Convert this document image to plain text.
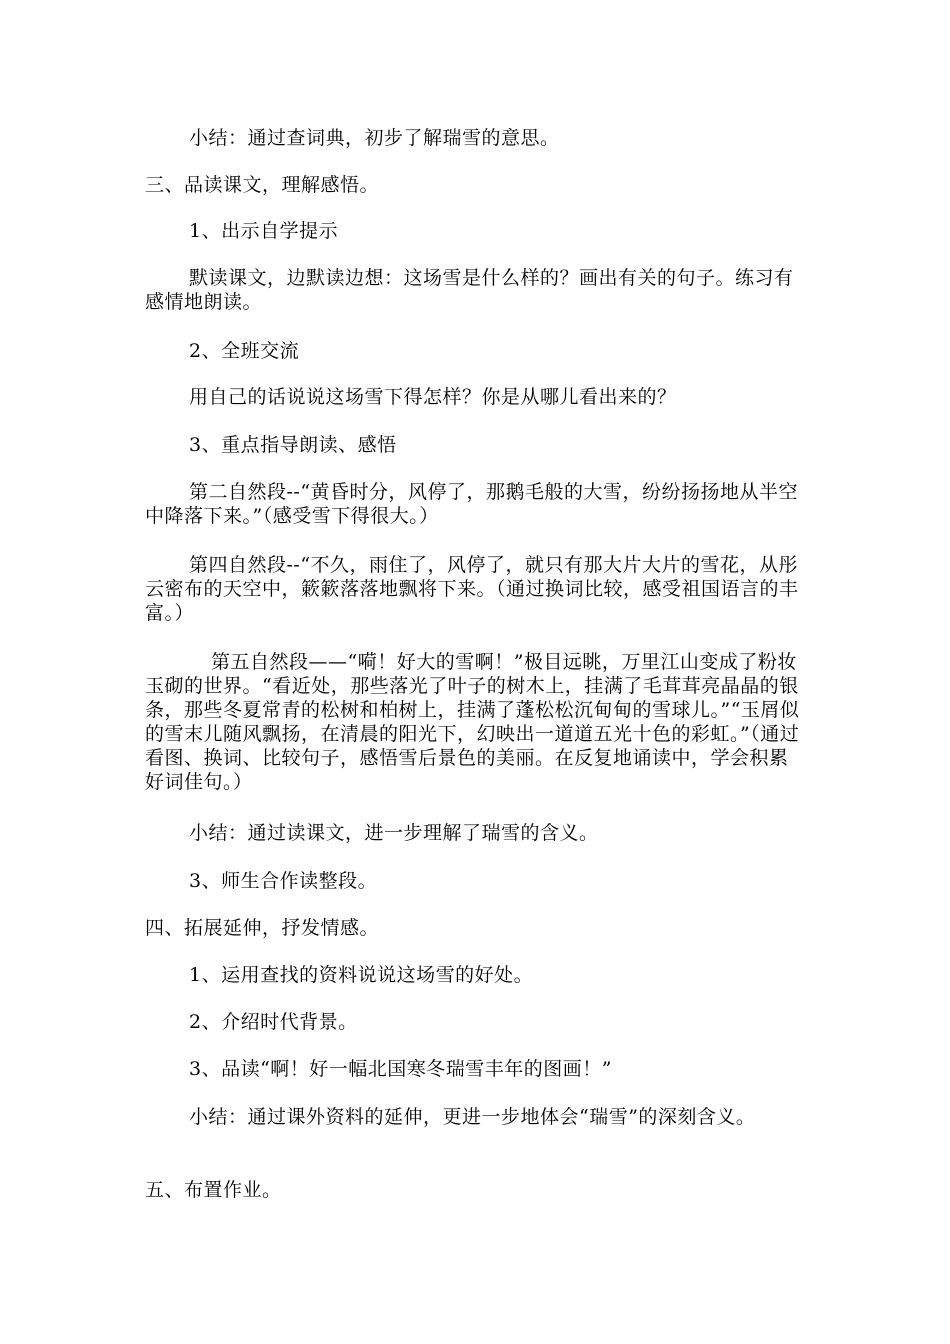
小结：通过查词典，初步了解瑞雪的意思。

三、品读课文，理解感悟。

1、出示自学提示

默读课文，边默读边想：这场雪是什么样的？画出有关的句子。练习有感情地朗读。

2、全班交流

用自己的话说说这场雪下得怎样？你是从哪儿看出来的？

3、重点指导朗读、感悟

第二自然段--“黄昏时分，风停了，那鹅毛般的大雪，纷纷扬扬地从半空中降落下来。”（感受雪下得很大。）

第四自然段--“不久，雨住了，风停了，就只有那大片大片的雪花，从彤云密布的天空中，簌簌落落地飘将下来。（通过换词比较，感受祖国语言的丰富。）

第五自然段——“嗬！好大的雪啊！”极目远眺，万里江山变成了粉妆玉砌的世界。“看近处，那些落光了叶子的树木上，挂满了毛茸茸亮晶晶的银条，那些冬夏常青的松树和柏树上，挂满了蓬松松沉甸甸的雪球儿。”“玉屑似的雪末儿随风飘扬，在清晨的阳光下，幻映出一道道五光十色的彩虹。”（通过看图、换词、比较句子，感悟雪后景色的美丽。在反复地诵读中，学会积累好词佳句。）

小结：通过读课文，进一步理解了瑞雪的含义。

3、师生合作读整段。

四、拓展延伸，抒发情感。

1、运用查找的资料说说这场雪的好处。

2、介绍时代背景。

3、品读“啊！好一幅北国寒冬瑞雪丰年的图画！”

小结：通过课外资料的延伸，更进一步地体会“瑞雪”的深刻含义。

五、布置作业。
